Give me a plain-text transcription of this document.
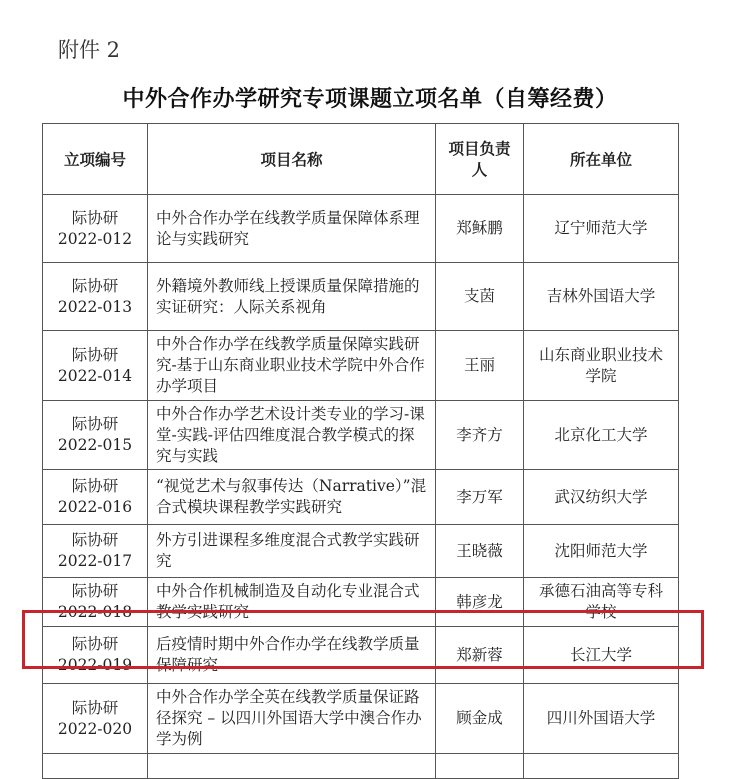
附件 2
中外合作办学研究专项课题立项名单（自筹经费）
立项编号	项目名称	项目负责人	所在单位
际协研
2022-012	中外合作办学在线教学质量保障体系理论与实践研究	郑稣鹏	辽宁师范大学
际协研
2022-013	外籍境外教师线上授课质量保障措施的实证研究：人际关系视角	支茵	吉林外国语大学
际协研
2022-014	中外合作办学在线教学质量保障实践研究-基于山东商业职业技术学院中外合作办学项目	王丽	山东商业职业技术学院
际协研
2022-015	中外合作办学艺术设计类专业的学习-课堂-实践-评估四维度混合教学模式的探 究与实践	李齐方	北京化工大学
际协研
2022-016	“视觉艺术与叙事传达（Narrative）”混合式模块课程教学实践研究	李万军	武汉纺织大学
际协研
2022-017	外方引进课程多维度混合式教学实践研究	王晓薇	沈阳师范大学
际协研
2022-018	中外合作机械制造及自动化专业混合式教学实践研究	韩彦龙	承德石油高等专科学校
际协研
2022-019	后疫情时期中外合作办学在线教学质量保障研究	郑新蓉	长江大学
际协研
2022-020	中外合作办学全英在线教学质量保证路径探究 – 以四川外国语大学中澳合作办学为例	顾金成	四川外国语大学
